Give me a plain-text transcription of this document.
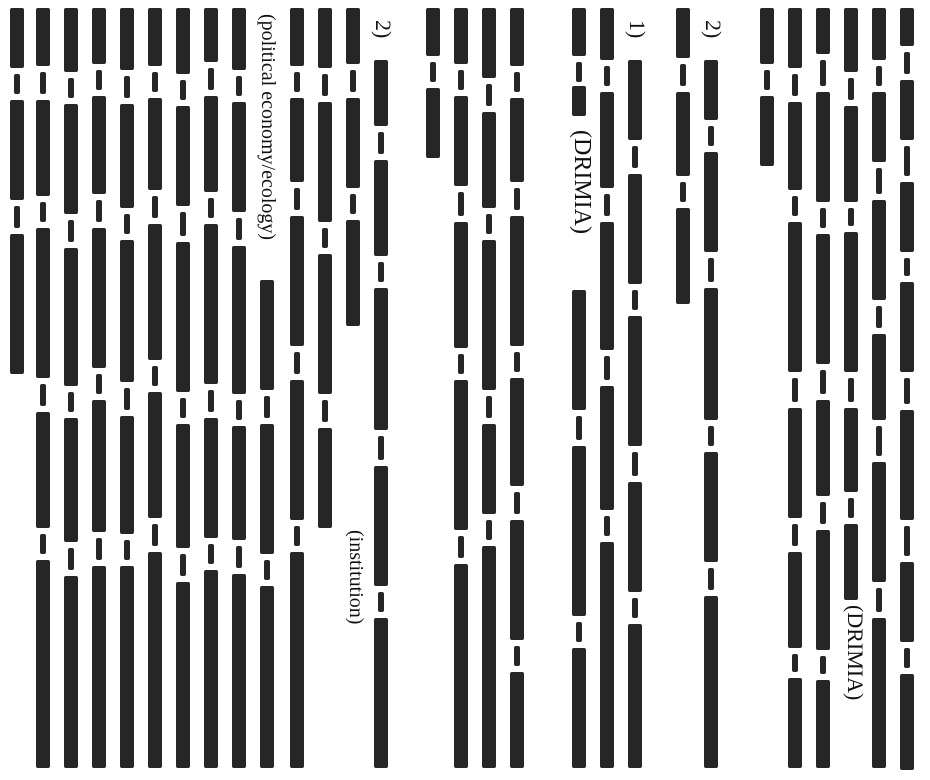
(DRIMIA)
2)
1)
(DRIMIA)
2)
(institution)
(political economy/ecology)
